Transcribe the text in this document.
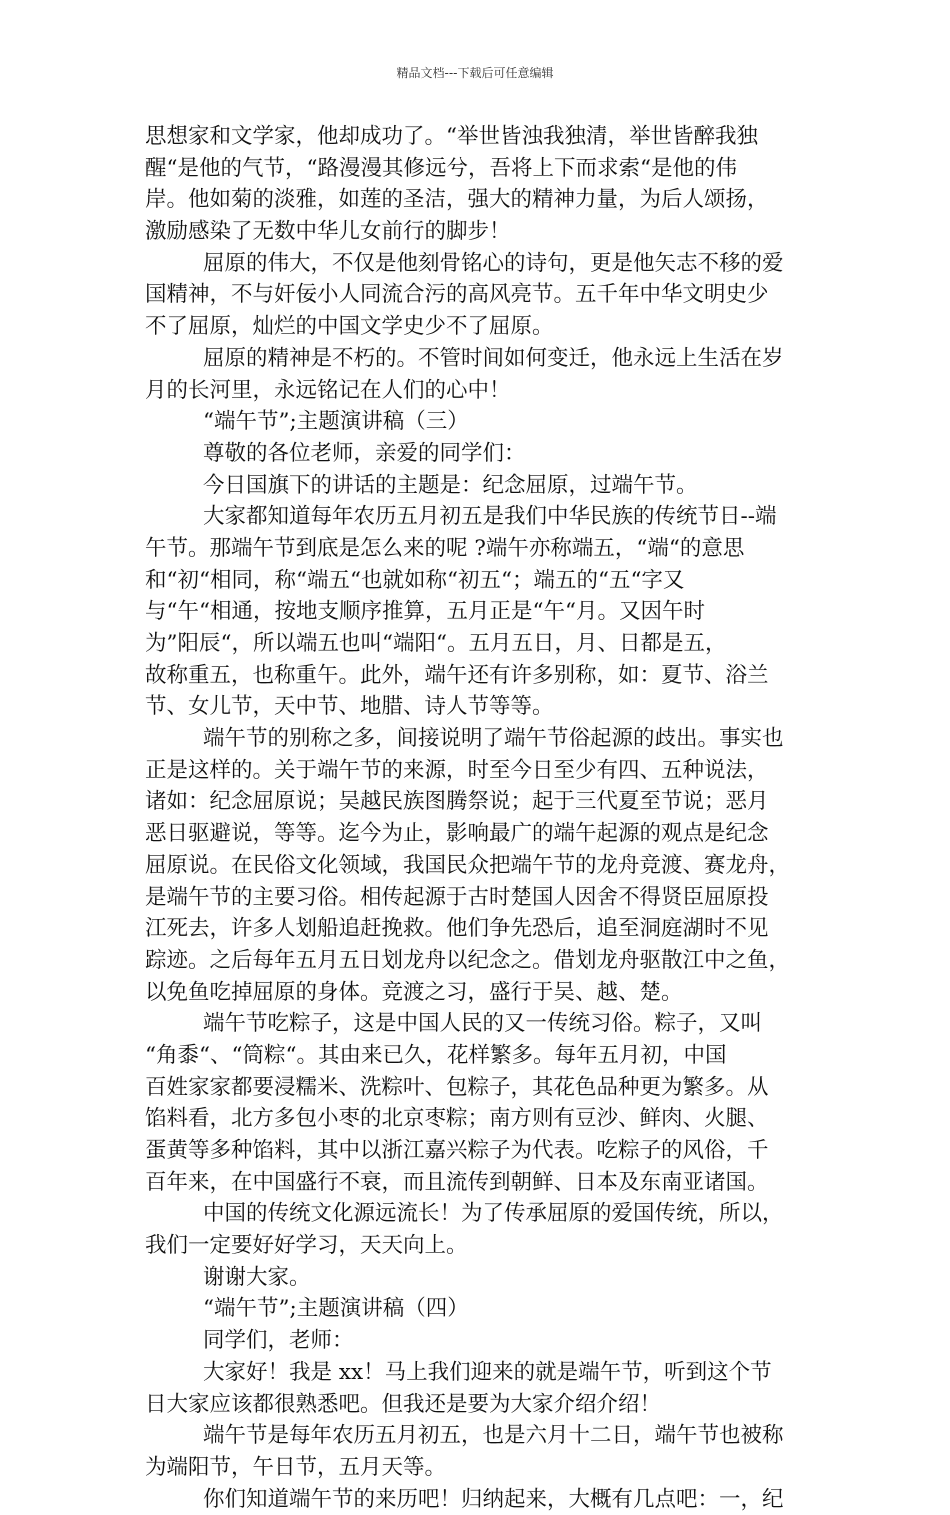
精品文档---下载后可任意编辑
思想家和文学家，他却成功了。“举世皆浊我独清，举世皆醉我独
醒“是他的气节，“路漫漫其修远兮，吾将上下而求索“是他的伟
岸。他如菊的淡雅，如莲的圣洁，强大的精神力量，为后人颂扬，
激励感染了无数中华儿女前行的脚步！
屈原的伟大，不仅是他刻骨铭心的诗句，更是他矢志不移的爱
国精神，不与奸佞小人同流合污的高风亮节。五千年中华文明史少
不了屈原，灿烂的中国文学史少不了屈原。
屈原的精神是不朽的。不管时间如何变迁，他永远上生活在岁
月的长河里，永远铭记在人们的心中！
“端午节”;主题演讲稿（三）
尊敬的各位老师，亲爱的同学们：
今日国旗下的讲话的主题是：纪念屈原，过端午节。
大家都知道每年农历五月初五是我们中华民族的传统节日--端
午节。那端午节到底是怎么来的呢 ?端午亦称端五，“端“的意思
和“初“相同，称“端五“也就如称“初五“；端五的“五“字又
与“午“相通，按地支顺序推算，五月正是“午“月。又因午时
为”阳辰“，所以端五也叫“端阳“。五月五日，月、日都是五，
故称重五，也称重午。此外，端午还有许多别称，如：夏节、浴兰
节、女儿节，天中节、地腊、诗人节等等。
端午节的别称之多，间接说明了端午节俗起源的歧出。事实也
正是这样的。关于端午节的来源，时至今日至少有四、五种说法，
诸如：纪念屈原说；吴越民族图腾祭说；起于三代夏至节说；恶月
恶日驱避说，等等。迄今为止，影响最广的端午起源的观点是纪念
屈原说。在民俗文化领域，我国民众把端午节的龙舟竞渡、赛龙舟，
是端午节的主要习俗。相传起源于古时楚国人因舍不得贤臣屈原投
江死去，许多人划船追赶挽救。他们争先恐后，追至洞庭湖时不见
踪迹。之后每年五月五日划龙舟以纪念之。借划龙舟驱散江中之鱼，
以免鱼吃掉屈原的身体。竞渡之习，盛行于吴、越、楚。
端午节吃粽子，这是中国人民的又一传统习俗。粽子，又叫
“角黍“、“筒粽“。其由来已久，花样繁多。每年五月初，中国
百姓家家都要浸糯米、洗粽叶、包粽子，其花色品种更为繁多。从
馅料看，北方多包小枣的北京枣粽；南方则有豆沙、鲜肉、火腿、
蛋黄等多种馅料，其中以浙江嘉兴粽子为代表。吃粽子的风俗，千
百年来，在中国盛行不衰，而且流传到朝鲜、日本及东南亚诸国。
中国的传统文化源远流长！为了传承屈原的爱国传统，所以，
我们一定要好好学习，天天向上。
谢谢大家。
“端午节”;主题演讲稿（四）
同学们，老师：
大家好！我是 xx！马上我们迎来的就是端午节，听到这个节
日大家应该都很熟悉吧。但我还是要为大家介绍介绍！
端午节是每年农历五月初五，也是六月十二日，端午节也被称
为端阳节，午日节，五月天等。
你们知道端午节的来历吧！归纳起来，大概有几点吧：一，纪
